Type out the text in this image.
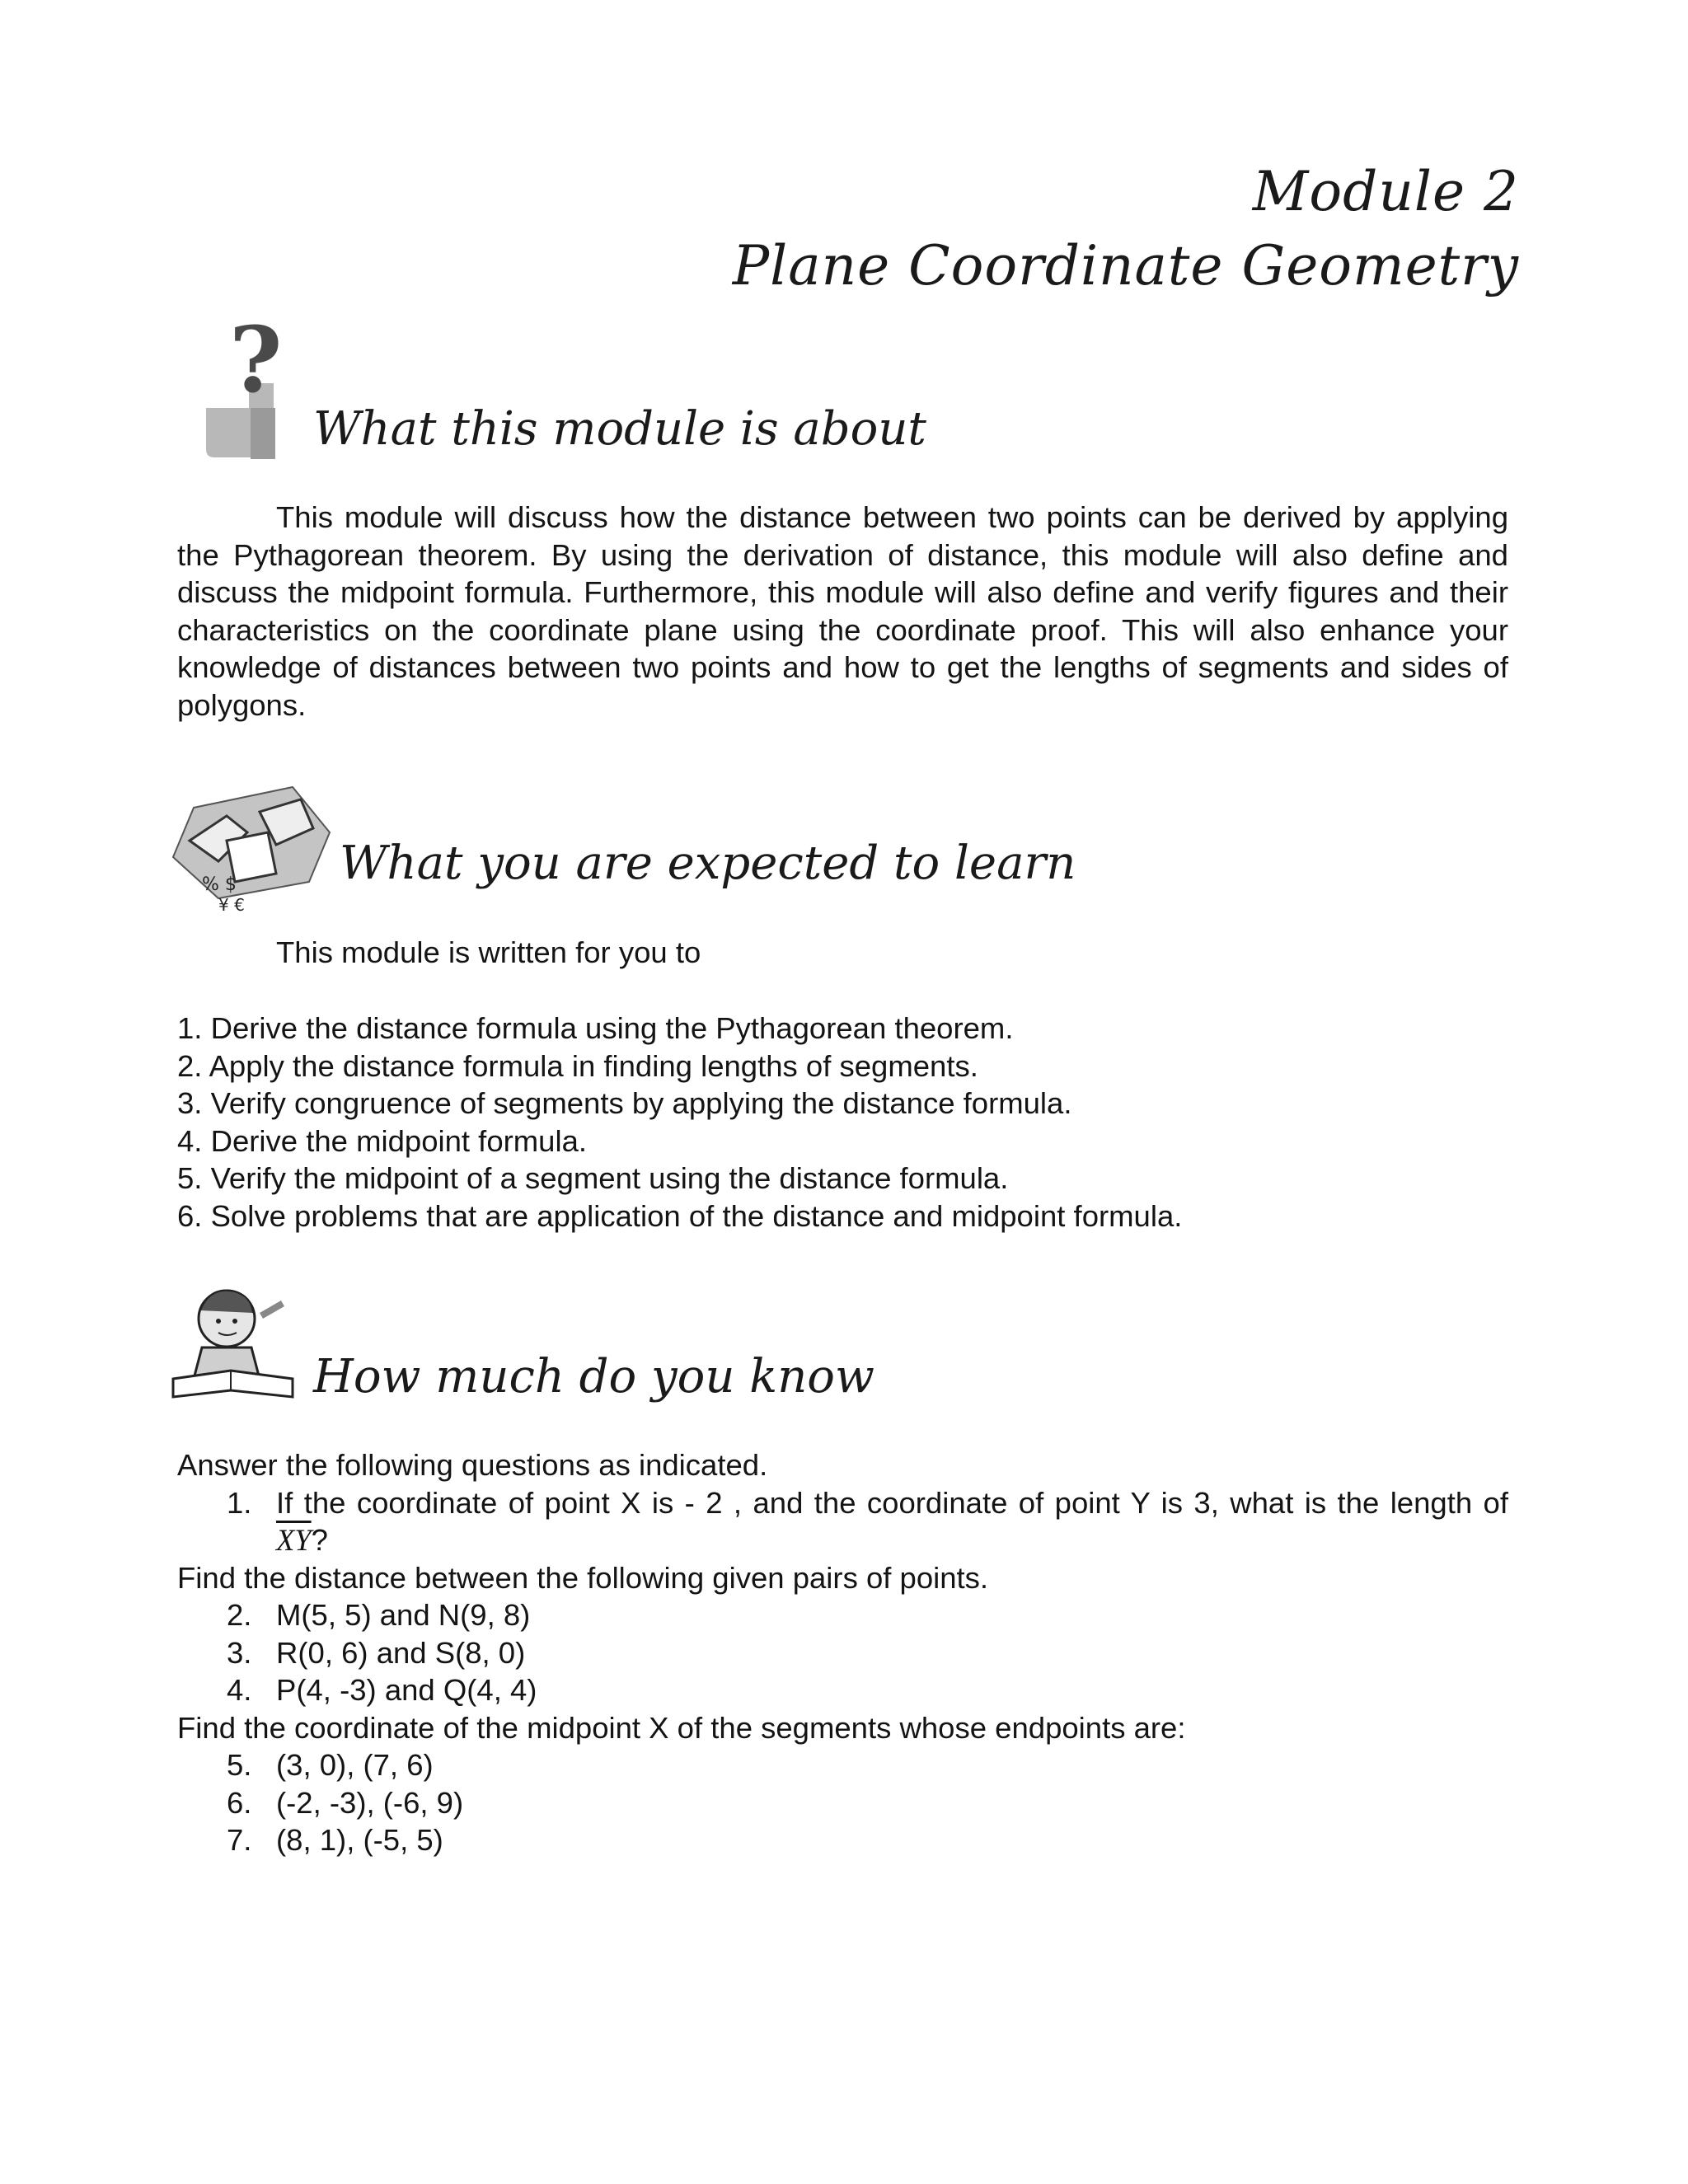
Module 2
Plane Coordinate Geometry
?
What this module is about
This module will discuss how the distance between two points can be derived by applying the Pythagorean theorem. By using the derivation of distance, this module will also define and discuss the midpoint formula. Furthermore, this module will also define and verify figures and their characteristics on the coordinate plane using the coordinate proof. This will also enhance your knowledge of distances between two points and how to get the lengths of segments and sides of polygons.
% $
¥ €
What you are expected to learn
This module is written for you to
1. Derive the distance formula using the Pythagorean theorem.
2. Apply the distance formula in finding lengths of segments.
3. Verify congruence of segments by applying the distance formula.
4. Derive the midpoint formula.
5. Verify the midpoint of a segment using the distance formula.
6. Solve problems that are application of the distance and midpoint formula.
How much do you know
Answer the following questions as indicated.
1. If the coordinate of point X is - 2 , and the coordinate of point Y is 3, what is the length of $\overline{XY}$?
Find the distance between the following given pairs of points.
2. M(5, 5) and N(9, 8)
3. R(0, 6) and S(8, 0)
4. P(4, -3) and Q(4, 4)
Find the coordinate of the midpoint X of the segments whose endpoints are:
5. (3, 0), (7, 6)
6. (-2, -3), (-6, 9)
7. (8, 1), (-5, 5)
